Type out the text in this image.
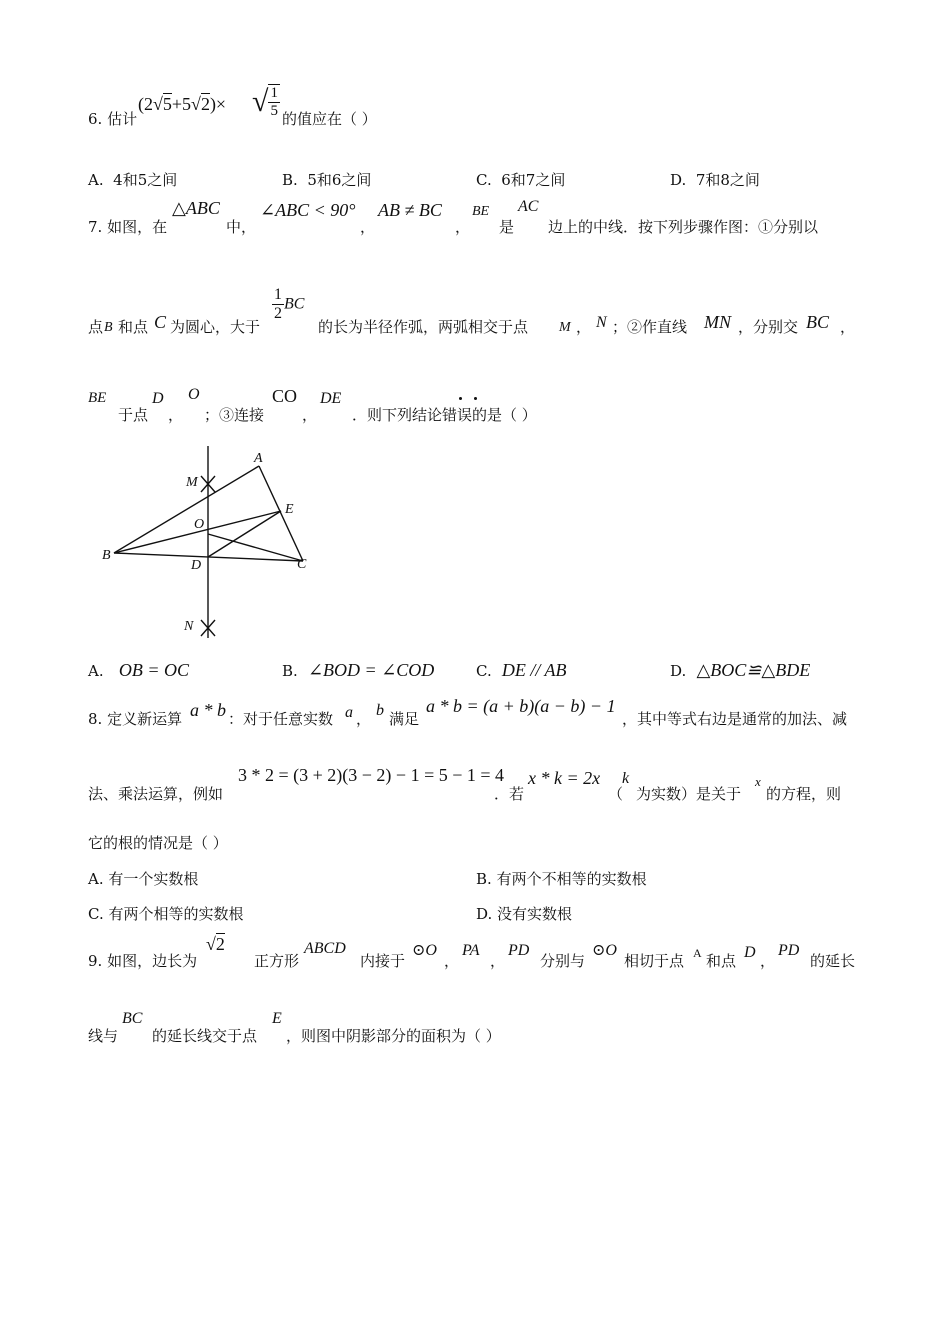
6. 估计
(2√5+5√2)× √ $\frac{1}{5}$ 的值应在（ ）
A. 4和5之间	B. 5和6之间	C. 6和7之间	D. 7和8之间
7. 如图，在
△ABC
中，
∠ABC < 90°
，
AB ≠ BC
，
BE
是
AC
边上的中线．按下列步骤作图：①分别以
点 B 和点 C 为圆心，大于
$\frac{1}{2}$ BC
的长为半径作弧，两弧相交于点 M ， N ；②作直线 MN ，分别交 BC ，
BE
于点
D
，
O
；③连接
CO
，
DE
．则下列结论错误的是（ ）
A
M
E
O
B
D	C
N
A. OB = OC	B. ∠BOD = ∠COD	C. DE // AB	D. △BOC≌△BDE
8. 定义新运算 a * b ：对于任意实数 a ， b 满足
a * b = (a + b)(a − b) − 1
，其中等式右边是通常的加法、减
法、乘法运算，例如
3 * 2 = (3 + 2)(3 − 2) − 1 = 5 − 1 = 4
．若
x * k = 2x
（
k
为实数）是关于
x
的方程，则
它的根的情况是（ ）
A. 有一个实数根	B. 有两个不相等的实数根
C. 有两个相等的实数根	D. 没有实数根
9. 如图，边长为
√2
正方形
ABCD
内接于
⊙O
，
PA
，
PD
分别与
⊙O
相切于点 A 和点 D ，
PD
的延长
线与
BC
的延长线交于点
E
，则图中阴影部分的面积为（ ）
